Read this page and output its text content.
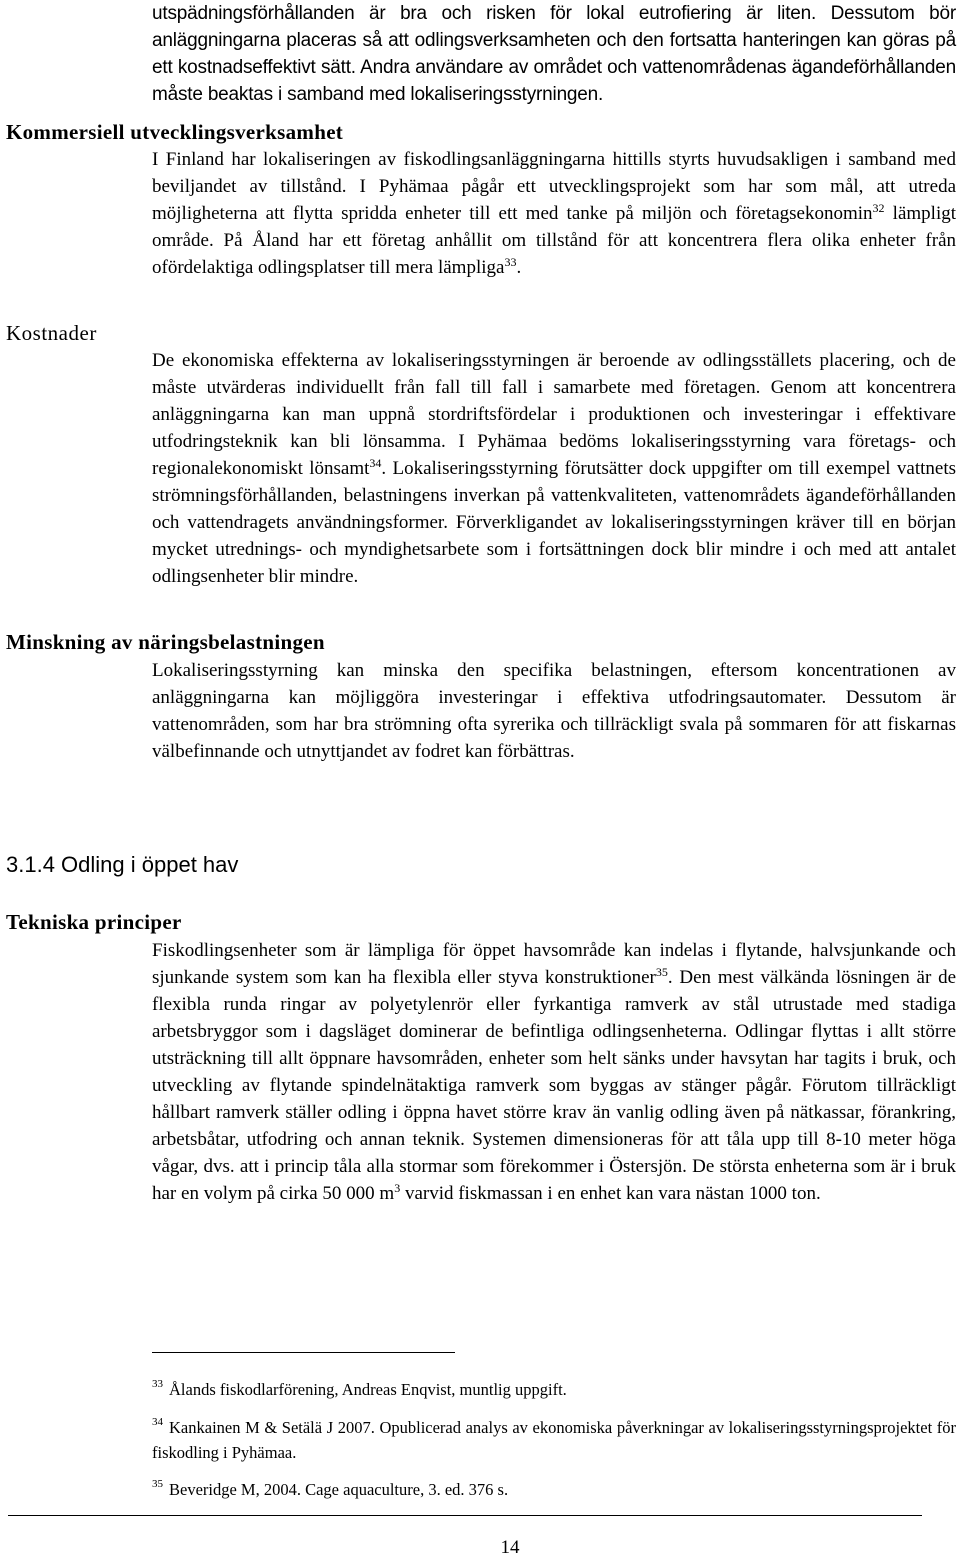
utspädningsförhållanden är bra och risken för lokal eutrofiering är liten. Dessutom bör anläggningarna placeras så att odlingsverksamheten och den fortsatta hanteringen kan göras på ett kostnadseffektivt sätt. Andra användare av området och vattenområdenas ägandeförhållanden måste beaktas i samband med lokaliseringsstyrningen.

Kommersiell utvecklingsverksamhet

I Finland har lokaliseringen av fiskodlingsanläggningarna hittills styrts huvudsakligen i samband med beviljandet av tillstånd. I Pyhämaa pågår ett utvecklingsprojekt som har som mål, att utreda möjligheterna att flytta spridda enheter till ett med tanke på miljön och företagsekonomin$^{32}$ lämpligt område. På Åland har ett företag anhållit om tillstånd för att koncentrera flera olika enheter från ofördelaktiga odlingsplatser till mera lämpliga$^{33}$.

Kostnader

De ekonomiska effekterna av lokaliseringsstyrningen är beroende av odlingsställets placering, och de måste utvärderas individuellt från fall till fall i samarbete med företagen. Genom att koncentrera anläggningarna kan man uppnå stordriftsfördelar i produktionen och investeringar i effektivare utfodringsteknik kan bli lönsamma. I Pyhämaa bedöms lokaliseringsstyrning vara företags- och regionalekonomiskt lönsamt$^{34}$. Lokaliseringsstyrning förutsätter dock uppgifter om till exempel vattnets strömningsförhållanden, belastningens inverkan på vattenkvaliteten, vattenområdets ägandeförhållanden och vattendragets användningsformer. Förverkligandet av lokaliseringsstyrningen kräver till en början mycket utrednings- och myndighetsarbete som i fortsättningen dock blir mindre i och med att antalet odlingsenheter blir mindre.

Minskning av näringsbelastningen

Lokaliseringsstyrning kan minska den specifika belastningen, eftersom koncentrationen av anläggningarna kan möjliggöra investeringar i effektiva utfodringsautomater. Dessutom är vattenområden, som har bra strömning ofta syrerika och tillräckligt svala på sommaren för att fiskarnas välbefinnande och utnyttjandet av fodret kan förbättras.

3.1.4 Odling i öppet hav
Tekniska principer

Fiskodlingsenheter som är lämpliga för öppet havsområde kan indelas i flytande, halvsjunkande och sjunkande system som kan ha flexibla eller styva konstruktioner$^{35}$. Den mest välkända lösningen är de flexibla runda ringar av polyetylenrör eller fyrkantiga ramverk av stål utrustade med stadiga arbetsbryggor som i dagsläget dominerar de befintliga odlingsenheterna. Odlingar flyttas i allt större utsträckning till allt öppnare havsområden, enheter som helt sänks under havsytan har tagits i bruk, och utveckling av flytande spindelnätaktiga ramverk som byggas av stänger pågår. Förutom tillräckligt hållbart ramverk ställer odling i öppna havet större krav än vanlig odling även på nätkassar, förankring, arbetsbåtar, utfodring och annan teknik. Systemen dimensioneras för att tåla upp till 8-10 meter höga vågar, dvs. att i princip tåla alla stormar som förekommer i Östersjön. De största enheterna som är i bruk har en volym på cirka 50 000 $m^3$ varvid fiskmassan i en enhet kan vara nästan 1000 ton.

$^{33}$ Ålands fiskodlarförening, Andreas Enqvist, muntlig uppgift.

$^{34}$ Kankainen M & Setälä J 2007. Opublicerad analys av ekonomiska påverkningar av lokaliseringsstyrningsprojektet för fiskodling i Pyhämaa.

$^{35}$ Beveridge M, 2004. Cage aquaculture, 3. ed. 376 s.

14
